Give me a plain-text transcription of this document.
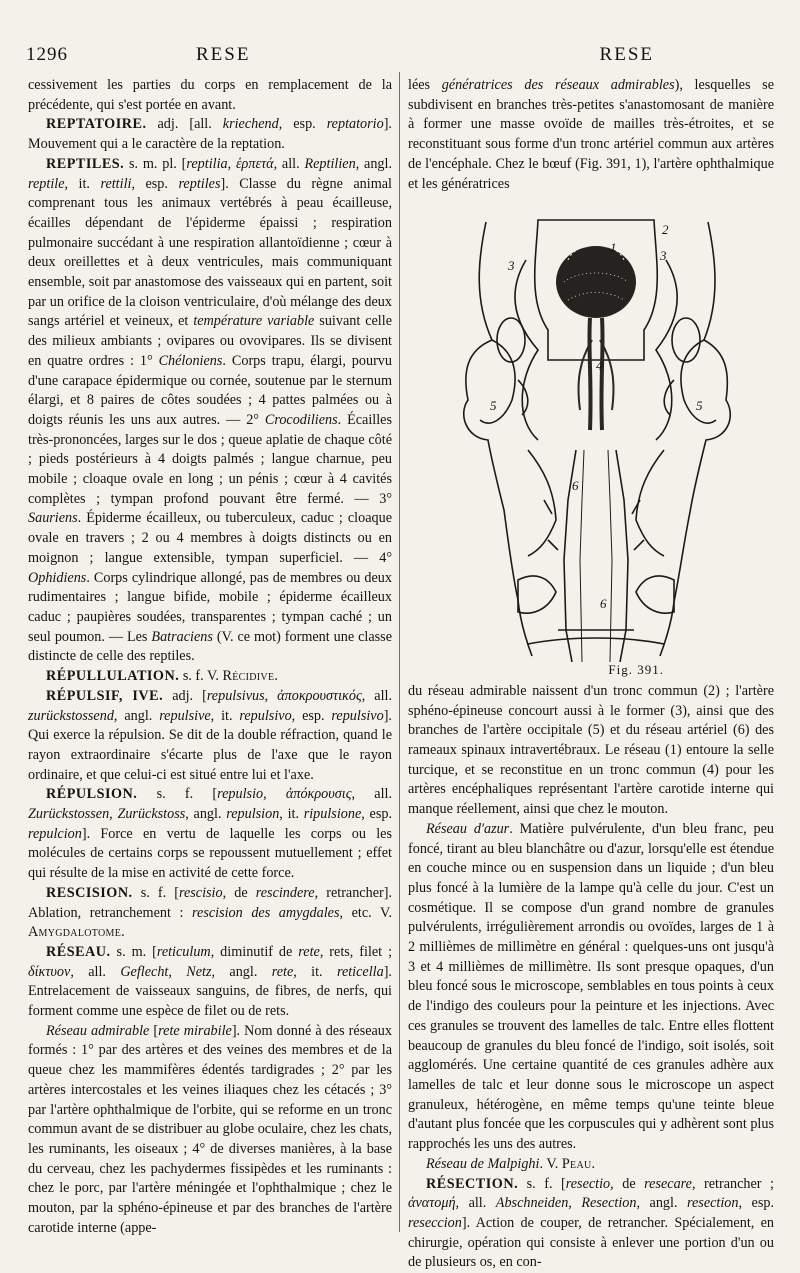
1296	RESE	RESE

cessivement les parties du corps en remplacement de la précédente, qui s'est portée en avant.

REPTATOIRE. adj. [all. kriechend, esp. reptatorio]. Mouvement qui a le caractère de la reptation.

REPTILES. s. m. pl. [reptilia, ἑρπετά, all. Reptilien, angl. reptile, it. rettili, esp. reptiles]. Classe du règne animal comprenant tous les animaux vertébrés à peau écailleuse, écailles dépendant de l'épiderme épaissi ; respiration pulmonaire succédant à une respiration allantoïdienne ; cœur à deux oreillettes et à deux ventricules, mais communiquant ensemble, soit par anastomose des vaisseaux qui en partent, soit par un orifice de la cloison ventriculaire, d'où mélange des deux sangs artériel et veineux, et température variable suivant celle des milieux ambiants ; ovipares ou ovovipares. Ils se divisent en quatre ordres : 1° Chéloniens. Corps trapu, élargi, pourvu d'une carapace épidermique ou cornée, soutenue par le sternum élargi, et 8 paires de côtes soudées ; 4 pattes palmées ou à doigts réunis les uns aux autres. — 2° Crocodiliens. Écailles très-prononcées, larges sur le dos ; queue aplatie de chaque côté ; pieds postérieurs à 4 doigts palmés ; langue charnue, peu mobile ; cloaque ovale en long ; un pénis ; cœur à 4 cavités complètes ; tympan profond pouvant être fermé. — 3° Sauriens. Épiderme écailleux, ou tuberculeux, caduc ; cloaque ovale en travers ; 2 ou 4 membres à doigts distincts ou en moignon ; langue extensible, tympan superficiel. — 4° Ophidiens. Corps cylindrique allongé, pas de membres ou deux rudimentaires ; langue bifide, mobile ; épiderme écailleux caduc ; paupières soudées, transparentes ; tympan caché ; un seul poumon. — Les Batraciens (V. ce mot) forment une classe distincte de celle des reptiles.

RÉPULLULATION. s. f. V. Récidive.

RÉPULSIF, IVE. adj. [repulsivus, ἀποκρουστικός, all. zurückstossend, angl. repulsive, it. repulsivo, esp. repulsivo]. Qui exerce la répulsion. Se dit de la double réfraction, quand le rayon extraordinaire s'écarte plus de l'axe que le rayon ordinaire, et que celui-ci est situé entre lui et l'axe.

RÉPULSION. s. f. [repulsio, ἀπόκρουσις, all. Zurückstossen, Zurückstoss, angl. repulsion, it. ripulsione, esp. repulcion]. Force en vertu de laquelle les corps ou les molécules de certains corps se repoussent mutuellement ; effet qui résulte de la mise en activité de cette force.

RESCISION. s. f. [rescisio, de rescindere, retrancher]. Ablation, retranchement : rescision des amygdales, etc. V. Amygdalotome.

RÉSEAU. s. m. [reticulum, diminutif de rete, rets, filet ; δίκτυον, all. Geflecht, Netz, angl. rete, it. reticella]. Entrelacement de vaisseaux sanguins, de fibres, de nerfs, qui forment comme une espèce de filet ou de rets.

Réseau admirable [rete mirabile]. Nom donné à des réseaux formés : 1° par des artères et des veines des membres et de la queue chez les mammifères édentés tardigrades ; 2° par les artères intercostales et les veines iliaques chez les cétacés ; 3° par l'artère ophthalmique de l'orbite, qui se reforme en un tronc commun avant de se distribuer au globe oculaire, chez les chats, les ruminants, les oiseaux ; 4° de diverses manières, à la base du cerveau, chez les pachydermes fissipèdes et les ruminants : chez le porc, par l'artère méningée et l'ophthalmique ; chez le mouton, par la sphéno-épineuse et par des branches de l'artère carotide interne (appe-

lées génératrices des réseaux admirables), lesquelles se subdivisent en branches très-petites s'anastomosant de manière à former une masse ovoïde de mailles très-étroites, et se reconstituant sous forme d'un tronc artériel commun aux artères de l'encéphale. Chez le bœuf (Fig. 391, 1), l'artère ophthalmique et les génératrices

1
2
3
3
4
5	5
6
6
Fig. 391.

du réseau admirable naissent d'un tronc commun (2) ; l'artère sphéno-épineuse concourt aussi à le former (3), ainsi que des branches de l'artère occipitale (5) et du réseau artériel (6) des rameaux spinaux intravertébraux. Le réseau (1) entoure la selle turcique, et se reconstitue en un tronc commun (4) pour les artères encéphaliques représentant l'artère carotide interne qui manque réellement, ainsi que chez le mouton.

Réseau d'azur. Matière pulvérulente, d'un bleu franc, peu foncé, tirant au bleu blanchâtre ou d'azur, lorsqu'elle est étendue en couche mince ou en suspension dans un liquide ; d'un bleu plus foncé à la lumière de la lampe qu'à celle du jour. C'est un cosmétique. Il se compose d'un grand nombre de granules pulvérulents, irrégulièrement arrondis ou ovoïdes, larges de 1 à 2 millièmes de millimètre en général : quelques-uns ont jusqu'à 3 et 4 millièmes de millimètre. Ils sont presque opaques, d'un bleu foncé sous le microscope, semblables en tous points à ceux de l'indigo des couleurs pour la peinture et les injections. Avec ces granules se trouvent des lamelles de talc. Entre elles flottent beaucoup de granules du bleu foncé de l'indigo, soit isolés, soit agglomérés. Une certaine quantité de ces granules adhère aux lamelles de talc et leur donne sous le microscope un aspect granuleux, hétérogène, en même temps qu'une teinte bleue d'autant plus foncée que les corpuscules qui y adhèrent sont plus rapprochés les uns des autres.

Réseau de Malpighi. V. Peau.

RÉSECTION. s. f. [resectio, de resecare, retrancher ; ἀνατομή, all. Abschneiden, Resection, angl. resection, esp. reseccion]. Action de couper, de retrancher. Spécialement, en chirurgie, opération qui consiste à enlever une portion d'un ou de plusieurs os, en con-
